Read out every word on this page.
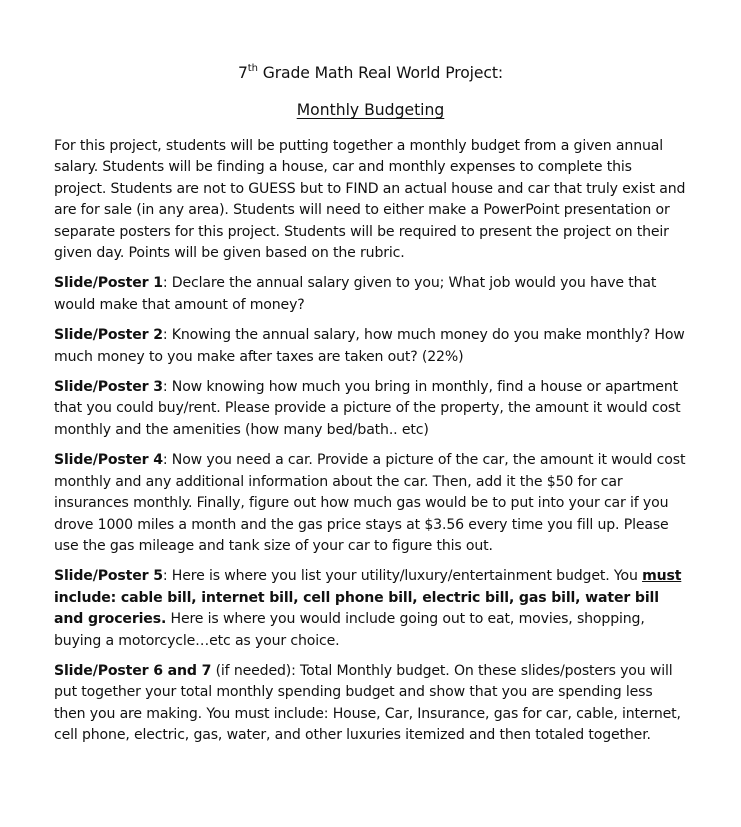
7th Grade Math Real World Project:

Monthly Budgeting

For this project, students will be putting together a monthly budget from a given annual salary. Students will be finding a house, car and monthly expenses to complete this project. Students are not to GUESS but to FIND an actual house and car that truly exist and are for sale (in any area). Students will need to either make a PowerPoint presentation or separate posters for this project. Students will be required to present the project on their given day. Points will be given based on the rubric.

Slide/Poster 1: Declare the annual salary given to you; What job would you have that would make that amount of money?

Slide/Poster 2: Knowing the annual salary, how much money do you make monthly? How much money to you make after taxes are taken out? (22%)

Slide/Poster 3: Now knowing how much you bring in monthly, find a house or apartment that you could buy/rent. Please provide a picture of the property, the amount it would cost monthly and the amenities (how many bed/bath.. etc)

Slide/Poster 4: Now you need a car. Provide a picture of the car, the amount it would cost monthly and any additional information about the car. Then, add it the $50 for car insurances monthly. Finally, figure out how much gas would be to put into your car if you drove 1000 miles a month and the gas price stays at $3.56 every time you fill up. Please use the gas mileage and tank size of your car to figure this out.

Slide/Poster 5: Here is where you list your utility/luxury/entertainment budget. You must include: cable bill, internet bill, cell phone bill, electric bill, gas bill, water bill and groceries. Here is where you would include going out to eat, movies, shopping, buying a motorcycle…etc as your choice.

Slide/Poster 6 and 7 (if needed): Total Monthly budget. On these slides/posters you will put together your total monthly spending budget and show that you are spending less then you are making. You must include: House, Car, Insurance, gas for car, cable, internet, cell phone, electric, gas, water, and other luxuries itemized and then totaled together.
